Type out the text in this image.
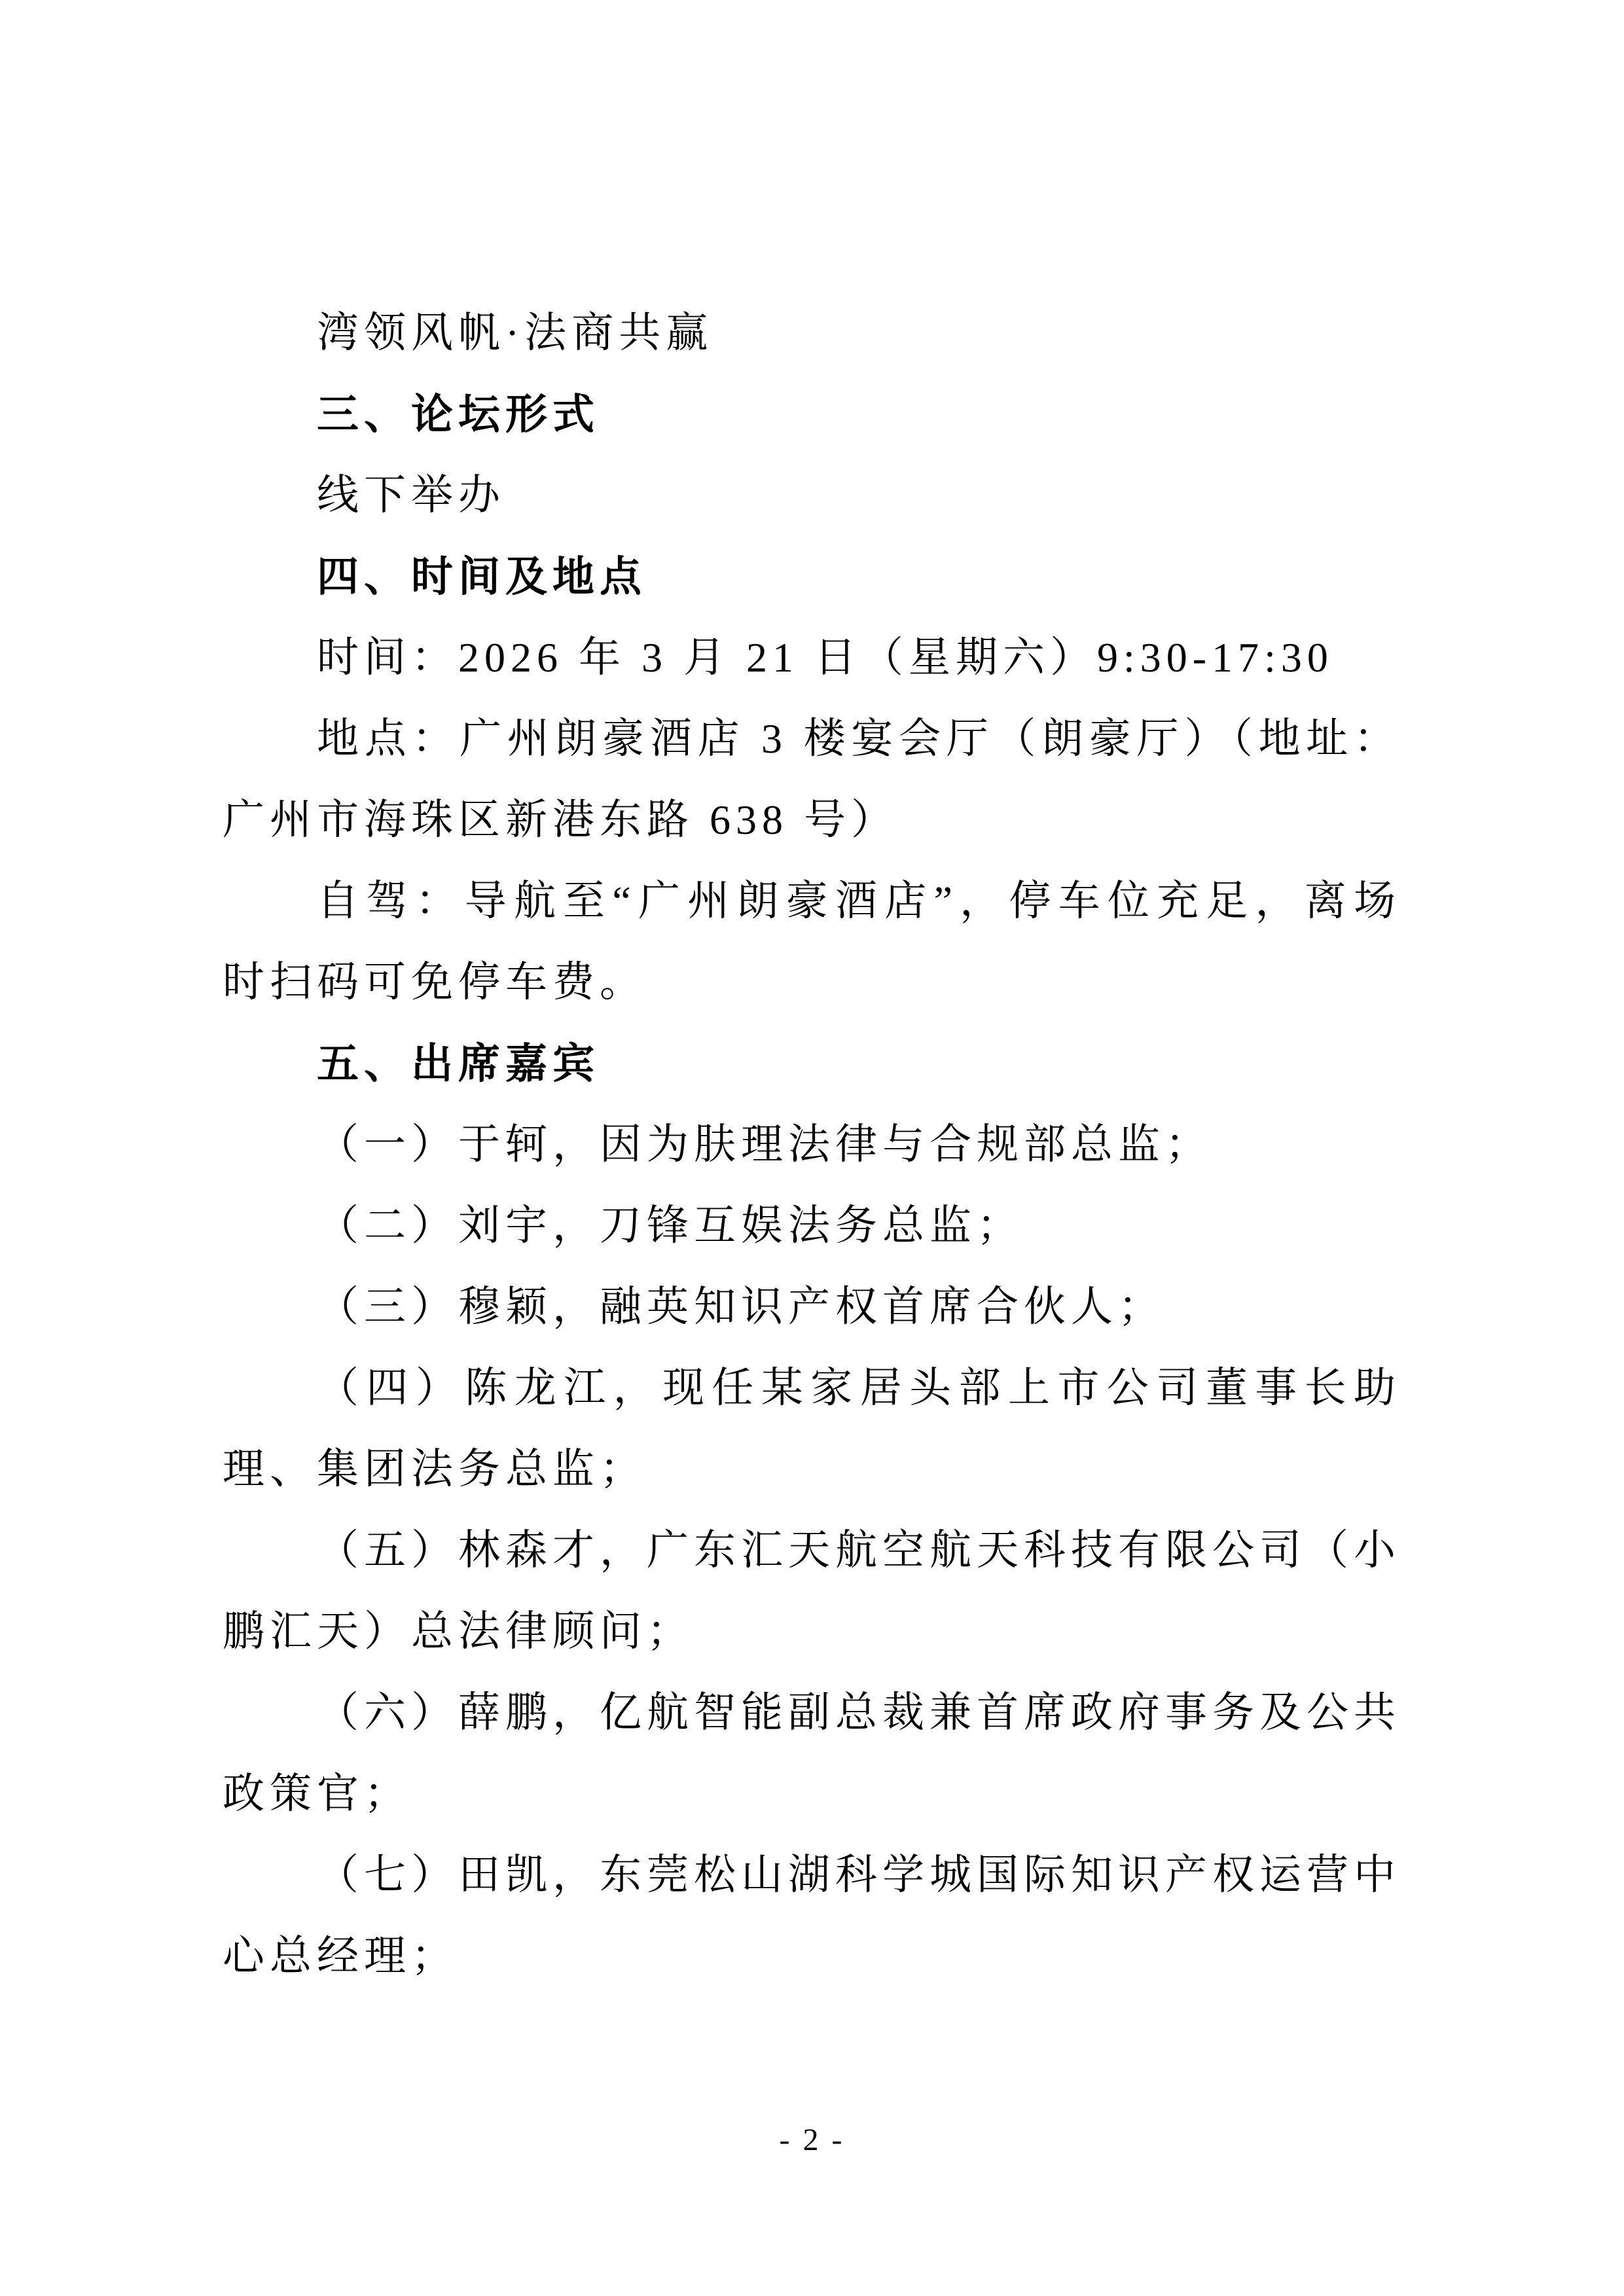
湾领风帆·法商共赢

三、论坛形式

线下举办

四、时间及地点

时间：2026 年 3 月 21 日（星期六）9:30-17:30

地点：广州朗豪酒店 3 楼宴会厅（朗豪厅）（地址：广州市海珠区新港东路 638 号）

自驾：导航至“广州朗豪酒店”，停车位充足，离场时扫码可免停车费。

五、出席嘉宾

（一）于轲，因为肤理法律与合规部总监；

（二）刘宇，刀锋互娱法务总监；

（三）穆颖，融英知识产权首席合伙人；

（四）陈龙江，现任某家居头部上市公司董事长助理、集团法务总监；

（五）林森才，广东汇天航空航天科技有限公司（小鹏汇天）总法律顾问；

（六）薛鹏，亿航智能副总裁兼首席政府事务及公共政策官；

（七）田凯，东莞松山湖科学城国际知识产权运营中心总经理；

- 2 -
